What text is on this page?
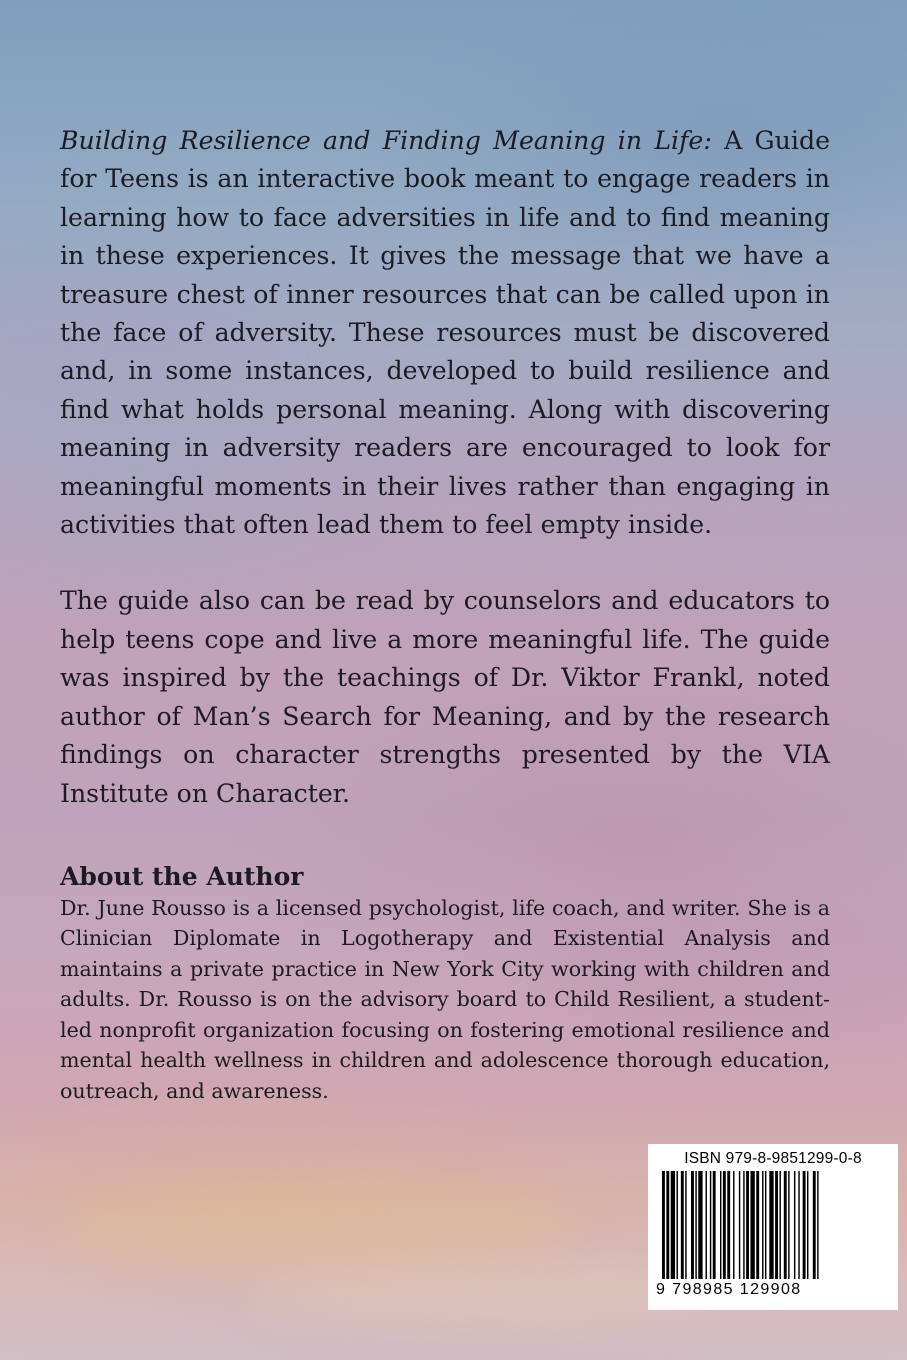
Building Resilience and Finding Meaning in Life: A Guide for Teens is an interactive book meant to engage readers in learning how to face adversities in life and to find meaning in these experiences. It gives the message that we have a treasure chest of inner resources that can be called upon in the face of adversity. These resources must be discovered and, in some instances, developed to build resilience and find what holds personal meaning. Along with discovering meaning in adversity readers are encouraged to look for meaningful moments in their lives rather than engaging in activities that often lead them to feel empty inside.

The guide also can be read by counselors and educators to help teens cope and live a more meaningful life. The guide was inspired by the teachings of Dr. Viktor Frankl, noted author of Man’s Search for Meaning, and by the research findings on character strengths presented by the VIA Institute on Character.

About the Author

Dr. June Rousso is a licensed psychologist, life coach, and writer. She is a Clinician Diplomate in Logotherapy and Existential Analysis and maintains a private practice in New York City working with children and adults. Dr. Rousso is on the advisory board to Child Resilient, a student-led nonprofit organization focusing on fostering emotional resilience and mental health wellness in children and adolescence thorough education, outreach, and awareness.

ISBN 979-8-9851299-0-8
9 798985 129908
